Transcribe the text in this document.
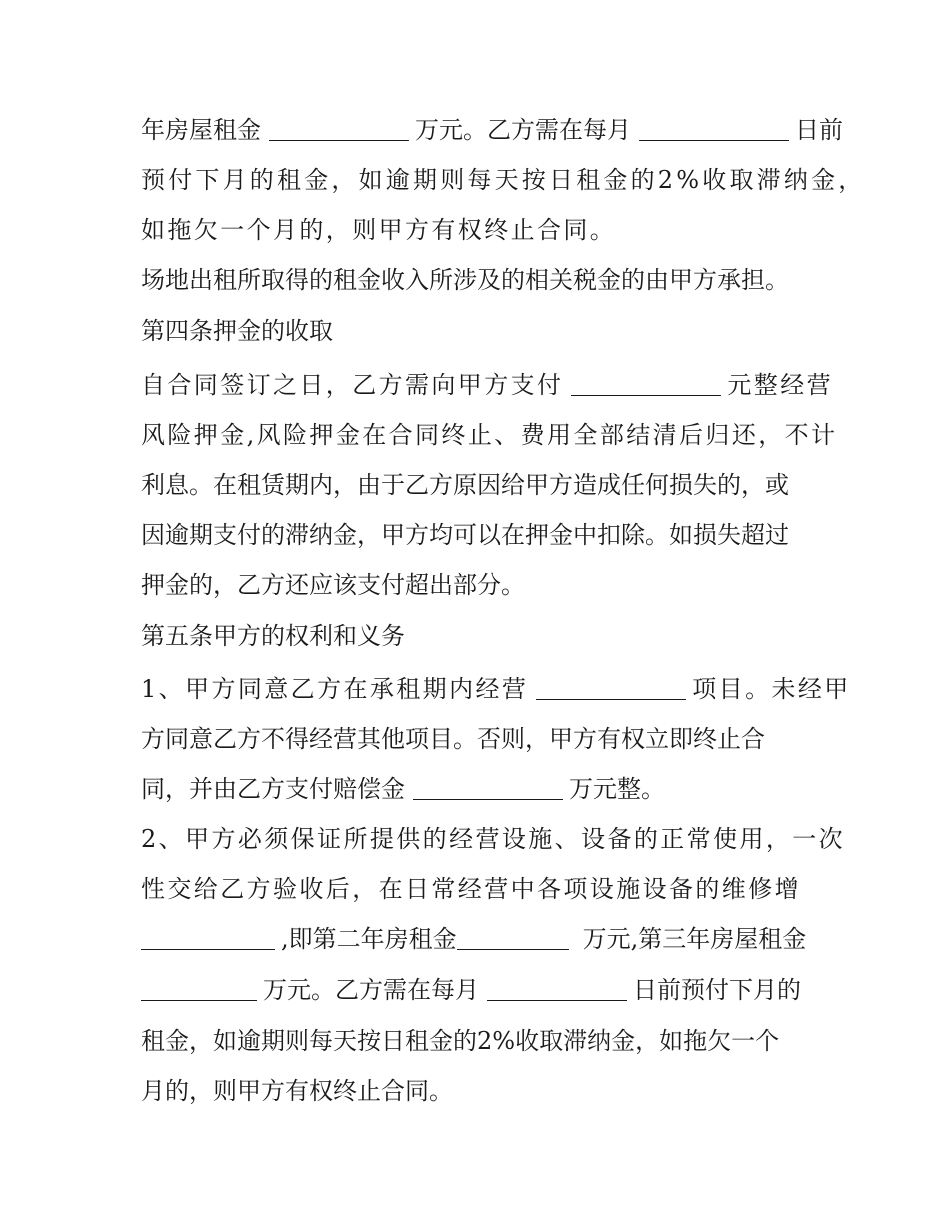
年房屋租金	万元。乙方需在每月	日前

预付下月的租金，如逾期则每天按日租金的2%收取滞纳金，

如拖欠一个月的，则甲方有权终止合同。

场地出租所取得的租金收入所涉及的相关税金的由甲方承担。

第四条押金的收取

自合同签订之日，乙方需向甲方支付	元整经营

风险押金,风险押金在合同终止、费用全部结清后归还，不计

利息。在租赁期内，由于乙方原因给甲方造成任何损失的，或

因逾期支付的滞纳金，甲方均可以在押金中扣除。如损失超过

押金的，乙方还应该支付超出部分。

第五条甲方的权利和义务

1、甲方同意乙方在承租期内经营	项目。未经甲

方同意乙方不得经营其他项目。否则，甲方有权立即终止合

同，并由乙方支付赔偿金	万元整。

2、甲方必须保证所提供的经营设施、设备的正常使用，一次

性交给乙方验收后，在日常经营中各项设施设备的维修增

,即第二年房租金	万元,第三年房屋租金

万元。乙方需在每月	日前预付下月的

租金，如逾期则每天按日租金的2%收取滞纳金，如拖欠一个

月的，则甲方有权终止合同。
